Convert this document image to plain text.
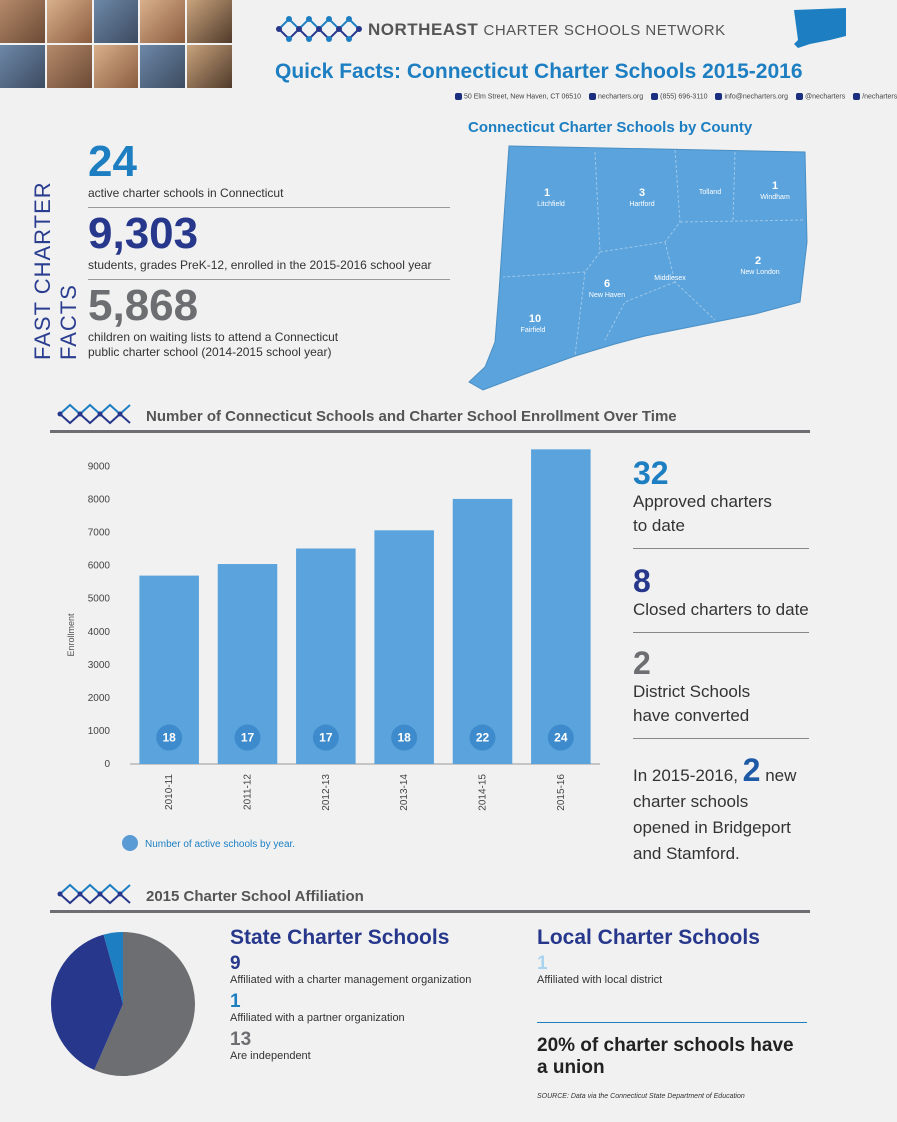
NORTHEAST CHARTER SCHOOLS NETWORK
Quick Facts: Connecticut Charter Schools 2015-2016
50 Elm Street, New Haven, CT 06510	necharters.org	(855) 696-3110	info@necharters.org	@necharters	/necharters
FAST CHARTER FACTS
24
active charter schools in Connecticut
9,303
students, grades PreK-12, enrolled in the 2015-2016 school year
5,868
children on waiting lists to attend a Connecticut public charter school (2014-2015 school year)
Connecticut Charter Schools by County
1
Litchfield
3
Hartford
Tolland
1
Windham
2
New London
Middlesex
6
New Haven
10
Fairfield
Number of Connecticut Schools and Charter School Enrollment Over Time
0
1000
2000
3000
4000
5000
6000
7000
8000
9000
Enrollment
18	17	17	18	22	24
2010-11	2011-12	2012-13	2013-14	2014-15	2015-16
Number of active schools by year.
32
Approved charters to date
8
Closed charters to date
2
District Schools have converted
In 2015-2016, 2 new charter schools opened in Bridgeport and Stamford.
2015 Charter School Affiliation
State Charter Schools
9
Affiliated with a charter management organization
1
Affiliated with a partner organization
13
Are independent
Local Charter Schools
1
Affiliated with local district
20% of charter schools have a union
SOURCE: Data via the Connecticut State Department of Education
